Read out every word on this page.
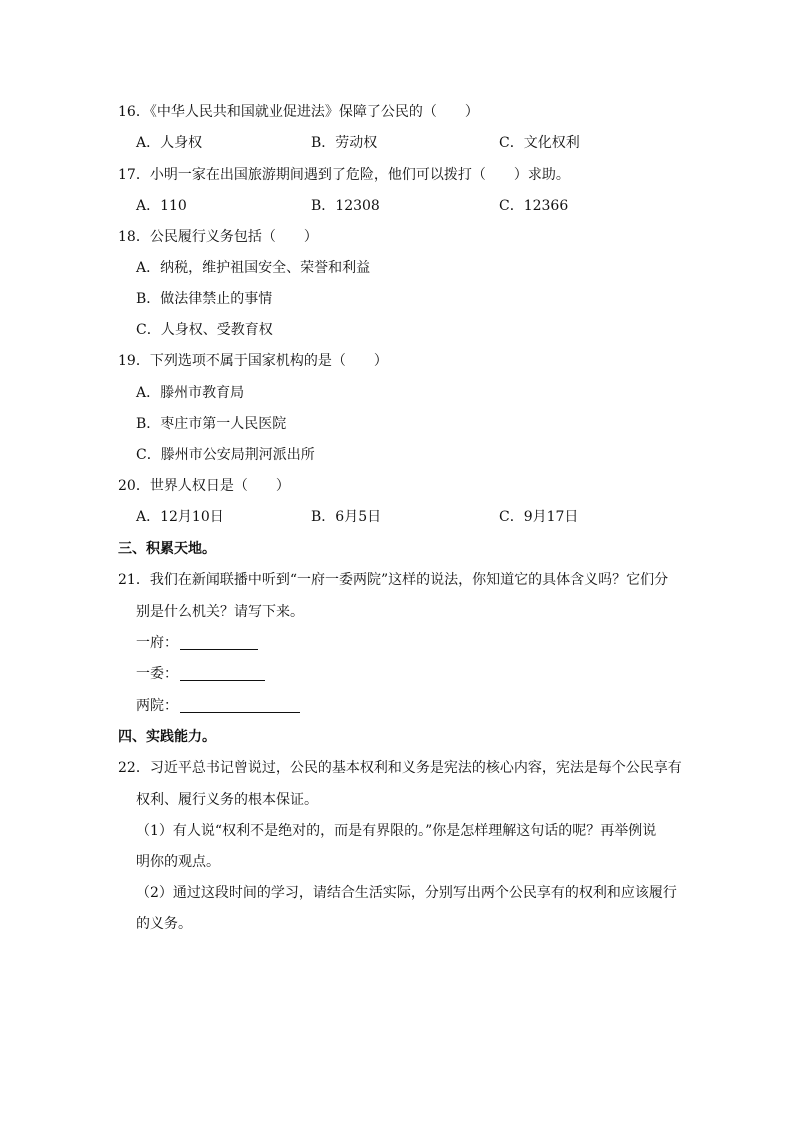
16．《中华人民共和国就业促进法》保障了公民的（　　）
A．人身权	B．劳动权	C．文化权利
17．小明一家在出国旅游期间遇到了危险，他们可以拨打（　　）求助。
A．110	B．12308	C．12366
18．公民履行义务包括（　　）
A．纳税，维护祖国安全、荣誉和利益
B．做法律禁止的事情
C．人身权、受教育权
19．下列选项不属于国家机构的是（　　）
A．滕州市教育局
B．枣庄市第一人民医院
C．滕州市公安局荆河派出所
20．世界人权日是（　　）
A．12月10日	B．6月5日	C．9月17日
三、积累天地。
21．我们在新闻联播中听到“一府一委两院”这样的说法，你知道它的具体含义吗？它们分
别是什么机关？请写下来。
一府：
一委：
两院：
四、实践能力。
22．习近平总书记曾说过，公民的基本权利和义务是宪法的核心内容，宪法是每个公民享有
权利、履行义务的根本保证。
（1）有人说“权利不是绝对的，而是有界限的。”你是怎样理解这句话的呢？再举例说
明你的观点。
（2）通过这段时间的学习，请结合生活实际，分别写出两个公民享有的权利和应该履行
的义务。
